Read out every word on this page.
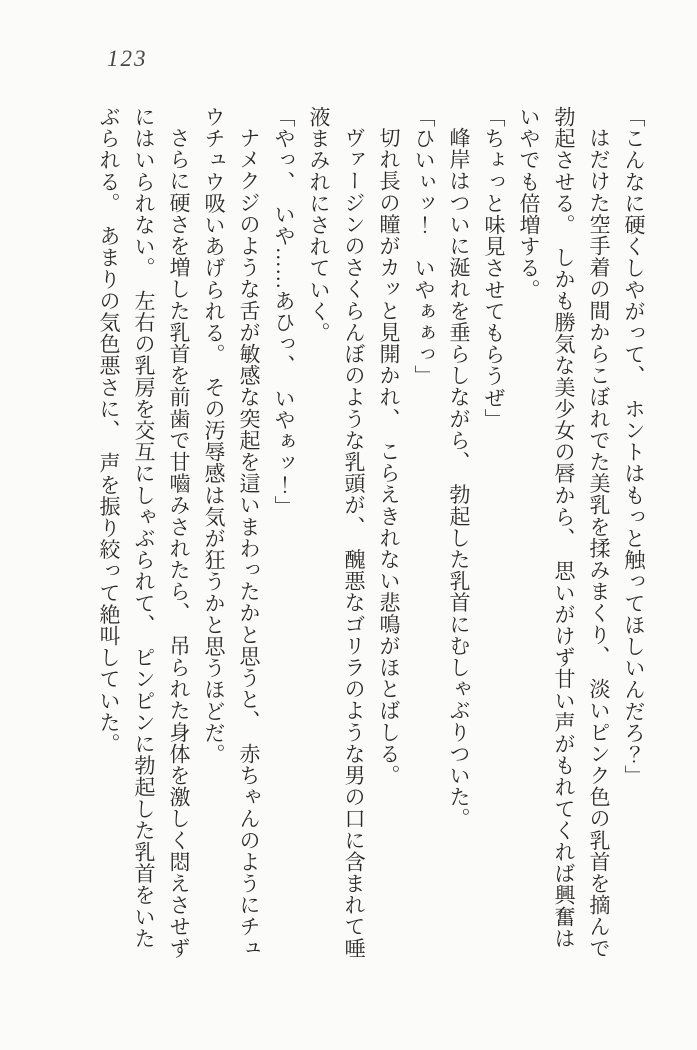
123

「こんなに硬くしやがって、　ホントはもっと触ってほしいんだろ？」

はだけた空手着の間からこぼれでた美乳を揉みまくり、　淡いピンク色の乳首を摘んで勃起させる。　しかも勝気な美少女の唇から、　思いがけず甘い声がもれてくれば興奮はいやでも倍増する。

「ちょっと味見させてもらうぜ」

峰岸はついに涎れを垂らしながら、　勃起した乳首にむしゃぶりついた。

「ひいぃッ！　いやぁぁっ」

切れ長の瞳がカッと見開かれ、　こらえきれない悲鳴がほとばしる。

ヴァージンのさくらんぼのような乳頭が、　醜悪なゴリラのような男の口に含まれて唾液まみれにされていく。

「やっ、　いや……あひっ、　いやぁッ！」

ナメクジのような舌が敏感な突起を這いまわったかと思うと、　赤ちゃんのようにチュウチュウ吸いあげられる。　その汚辱感は気が狂うかと思うほどだ。

さらに硬さを増した乳首を前歯で甘嚙みされたら、　吊られた身体を激しく悶えさせずにはいられない。　左右の乳房を交互にしゃぶられて、　ピンピンに勃起した乳首をいたぶられる。　あまりの気色悪さに、　声を振り絞って絶叫していた。
